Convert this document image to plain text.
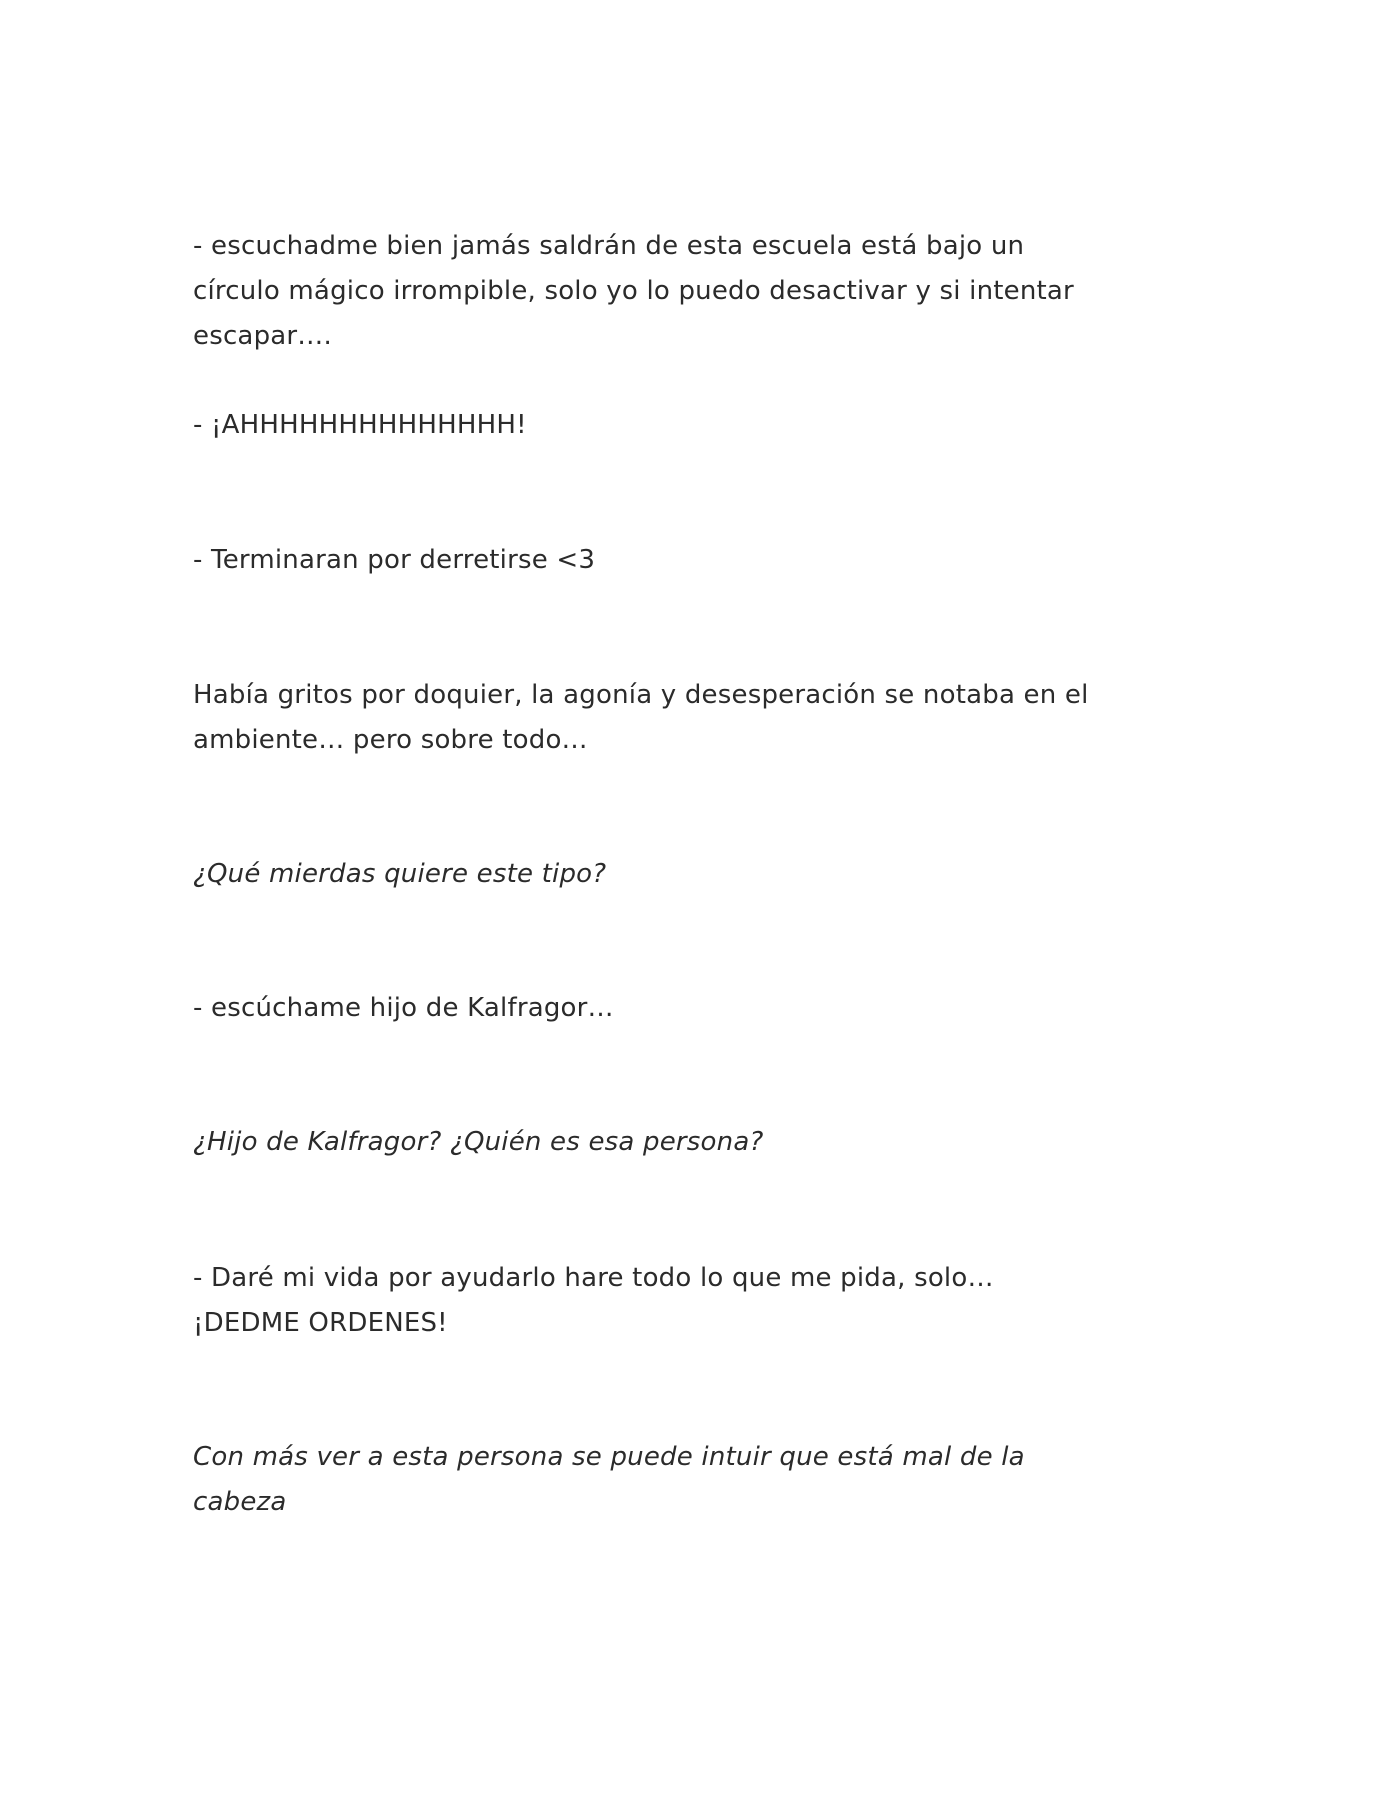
- escuchadme bien jamás saldrán de esta escuela está bajo un círculo mágico irrompible, solo yo lo puedo desactivar y si intentar escapar….

- ¡AHHHHHHHHHHHHHH!

- Terminaran por derretirse <3

Había gritos por doquier, la agonía y desesperación se notaba en el ambiente… pero sobre todo…

¿Qué mierdas quiere este tipo?

- escúchame hijo de Kalfragor…

¿Hijo de Kalfragor? ¿Quién es esa persona?

- Daré mi vida por ayudarlo hare todo lo que me pida, solo… ¡DEDME ORDENES!

Con más ver a esta persona se puede intuir que está mal de la cabeza
